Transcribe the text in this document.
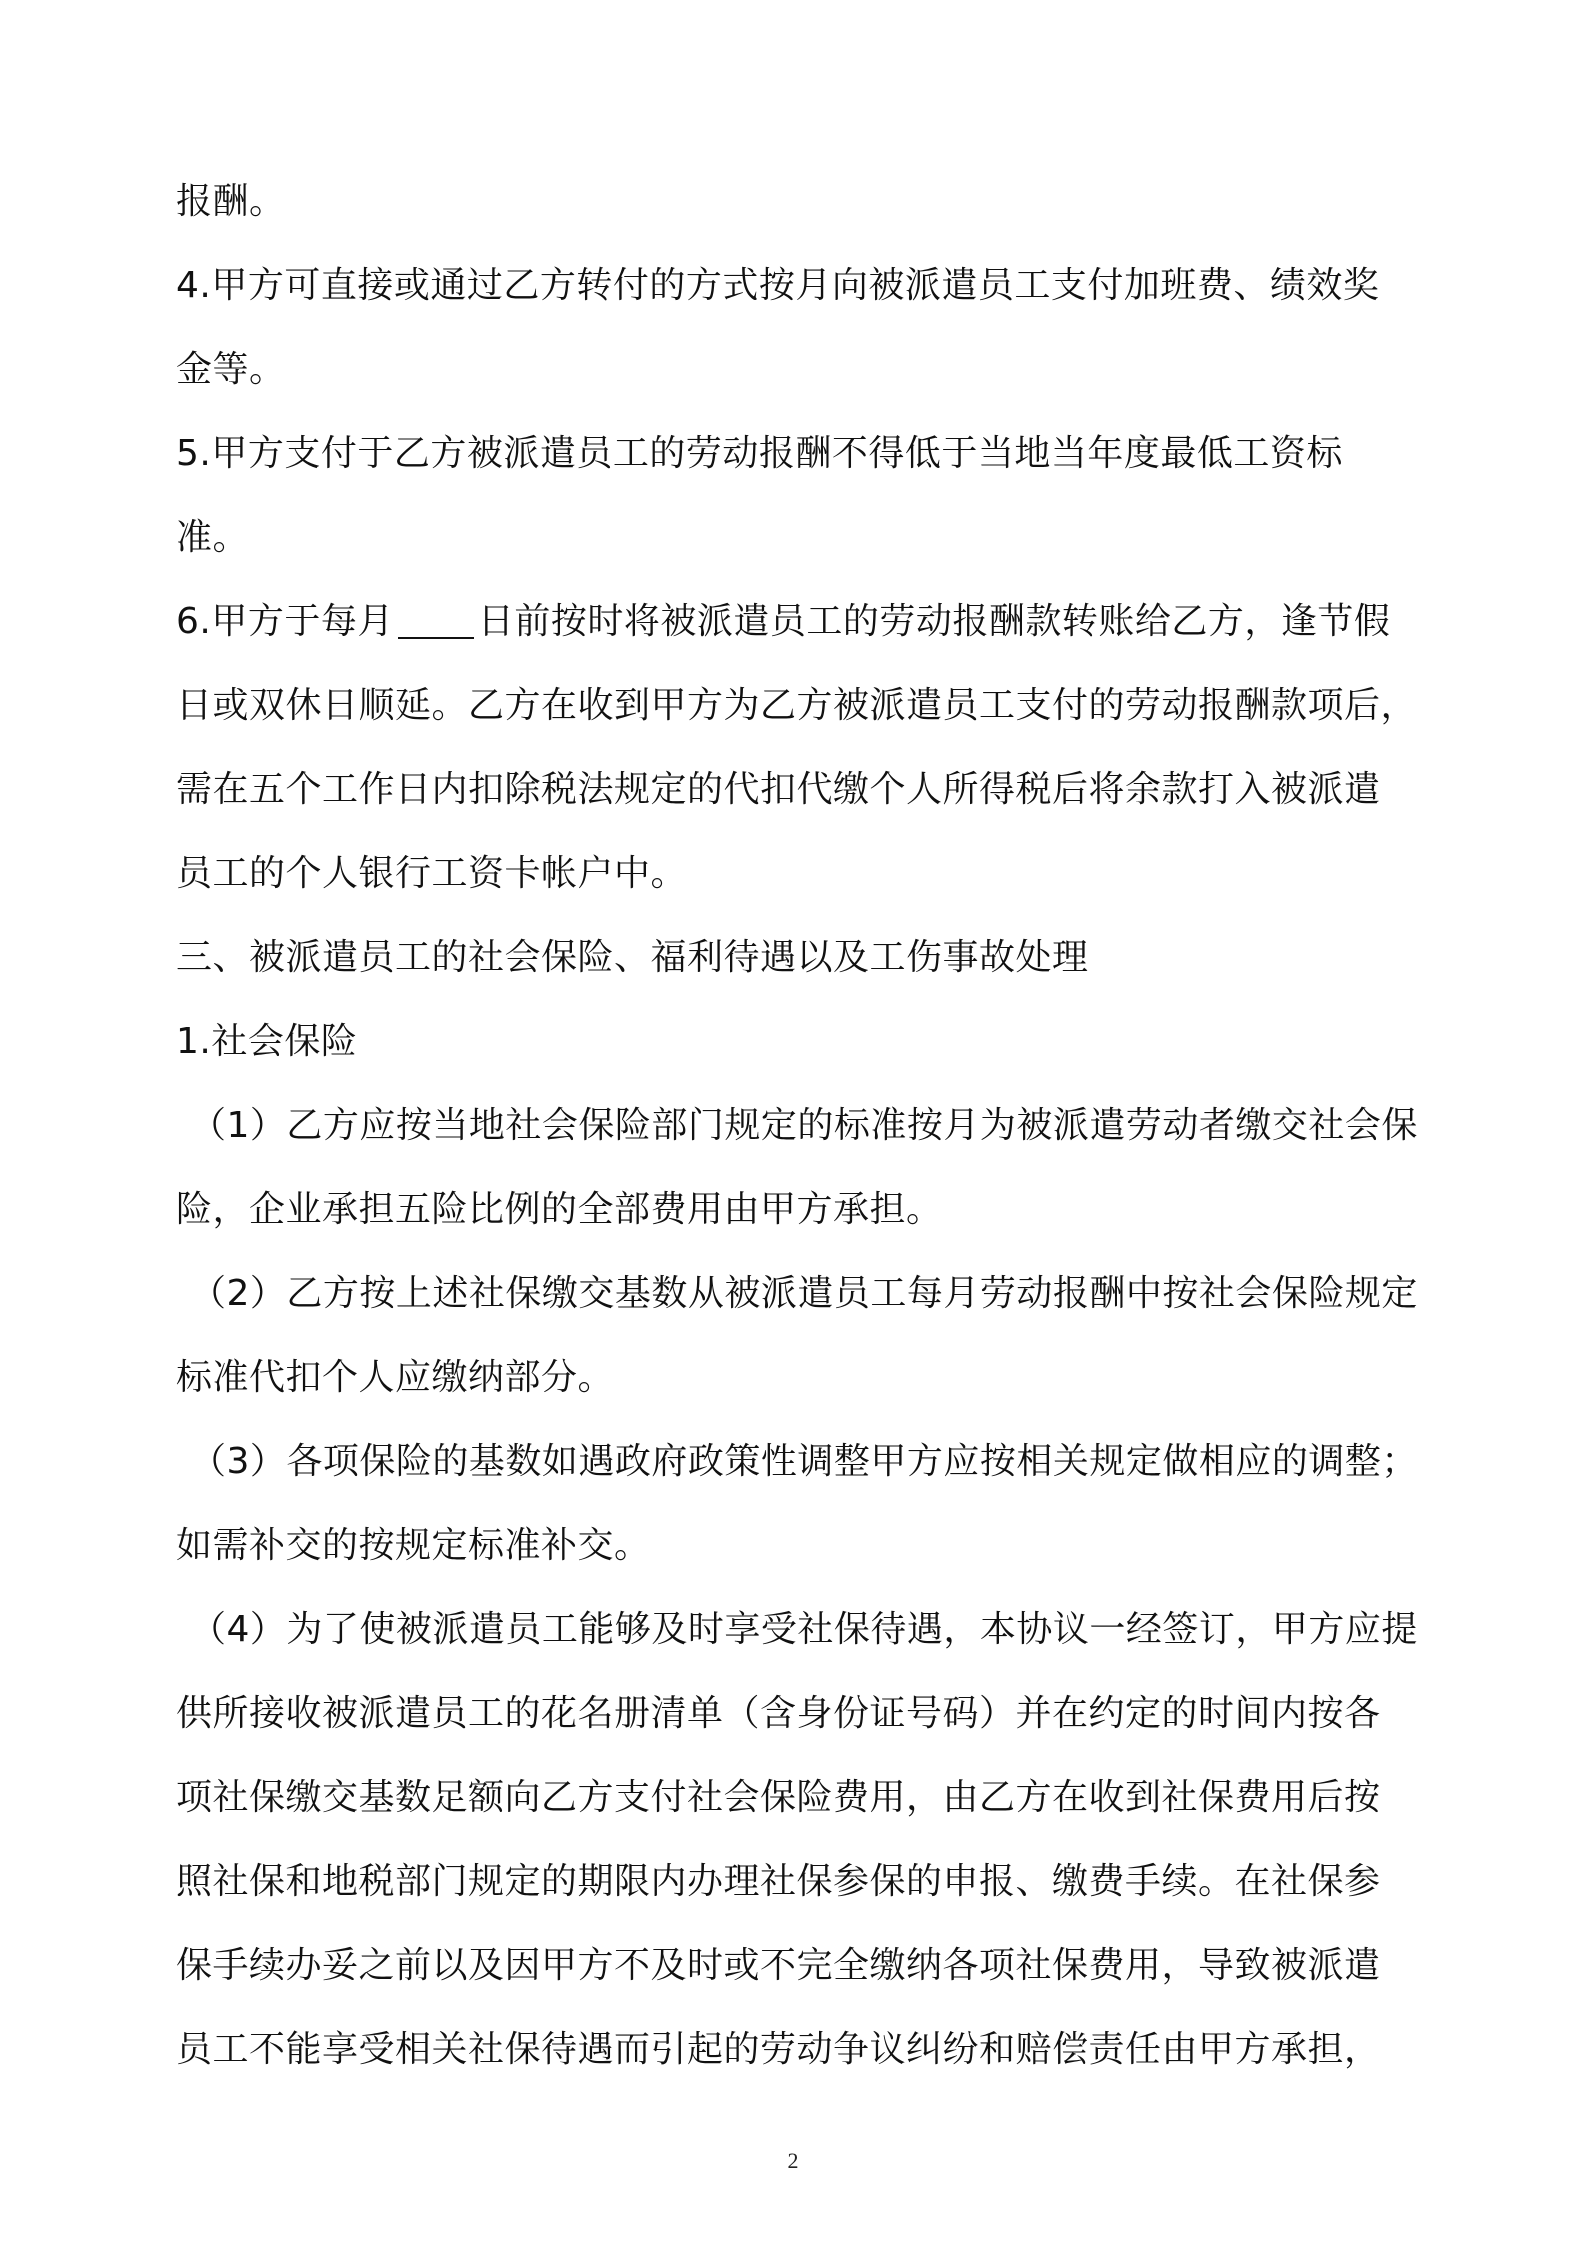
报酬。
4.甲方可直接或通过乙方转付的方式按月向被派遣员工支付加班费、绩效奖
金等。
5.甲方支付于乙方被派遣员工的劳动报酬不得低于当地当年度最低工资标
准。
6.甲方于每月 日前按时将被派遣员工的劳动报酬款转账给乙方，逢节假
日或双休日顺延。乙方在收到甲方为乙方被派遣员工支付的劳动报酬款项后，
需在五个工作日内扣除税法规定的代扣代缴个人所得税后将余款打入被派遣
员工的个人银行工资卡帐户中。
三、被派遣员工的社会保险、福利待遇以及工伤事故处理
1.社会保险
（1）乙方应按当地社会保险部门规定的标准按月为被派遣劳动者缴交社会保
险，企业承担五险比例的全部费用由甲方承担。
（2）乙方按上述社保缴交基数从被派遣员工每月劳动报酬中按社会保险规定
标准代扣个人应缴纳部分。
（3）各项保险的基数如遇政府政策性调整甲方应按相关规定做相应的调整；
如需补交的按规定标准补交。
（4）为了使被派遣员工能够及时享受社保待遇，本协议一经签订，甲方应提
供所接收被派遣员工的花名册清单（含身份证号码）并在约定的时间内按各
项社保缴交基数足额向乙方支付社会保险费用，由乙方在收到社保费用后按
照社保和地税部门规定的期限内办理社保参保的申报、缴费手续。在社保参
保手续办妥之前以及因甲方不及时或不完全缴纳各项社保费用，导致被派遣
员工不能享受相关社保待遇而引起的劳动争议纠纷和赔偿责任由甲方承担，
2
